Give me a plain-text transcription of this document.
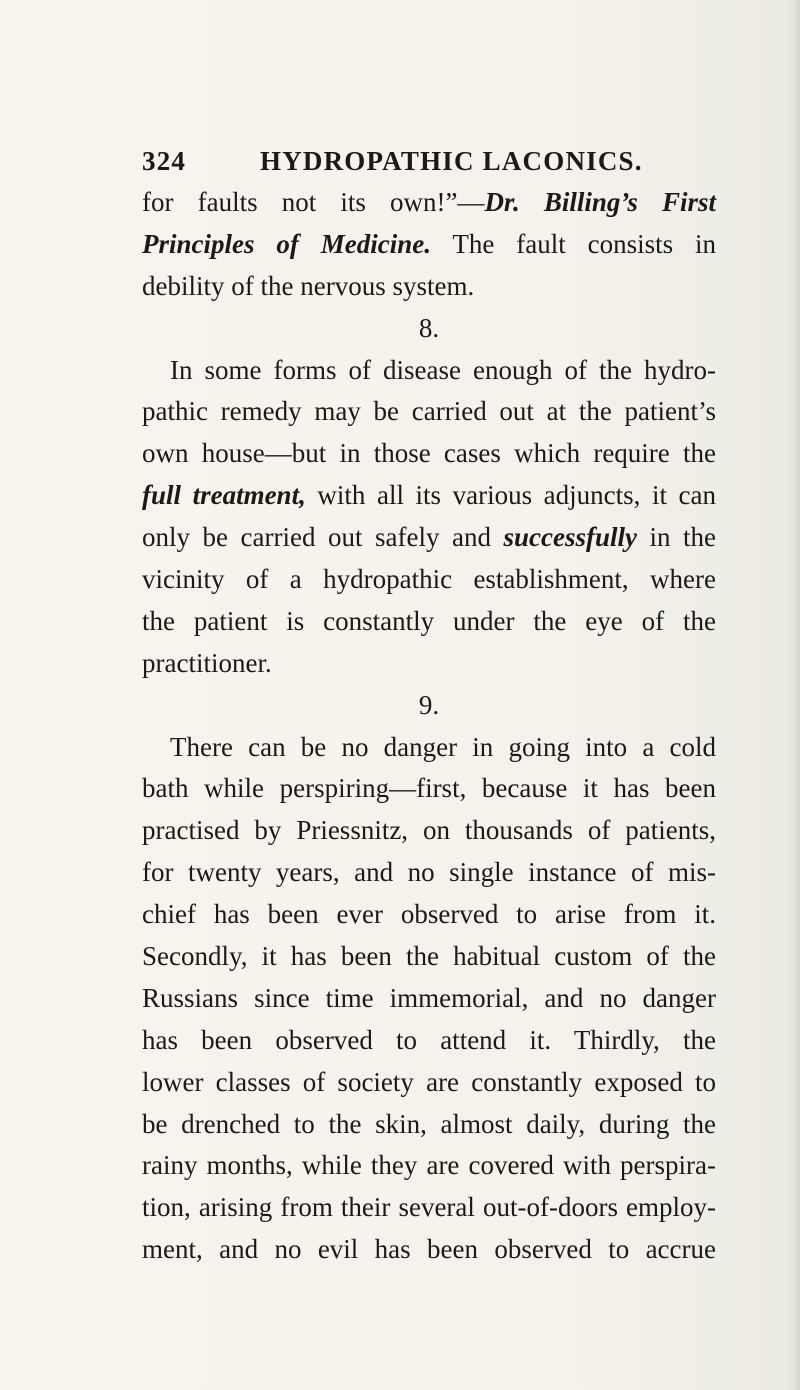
324	HYDROPATHIC LACONICS.
for faults not its own!”—Dr. Billing’s First
Principles of Medicine. The fault consists in
debility of the nervous system.
8.
In some forms of disease enough of the hydro-
pathic remedy may be carried out at the patient’s
own house—but in those cases which require the
full treatment, with all its various adjuncts, it can
only be carried out safely and successfully in the
vicinity of a hydropathic establishment, where
the patient is constantly under the eye of the
practitioner.
9.
There can be no danger in going into a cold
bath while perspiring—first, because it has been
practised by Priessnitz, on thousands of patients,
for twenty years, and no single instance of mis-
chief has been ever observed to arise from it.
Secondly, it has been the habitual custom of the
Russians since time immemorial, and no danger
has been observed to attend it. Thirdly, the
lower classes of society are constantly exposed to
be drenched to the skin, almost daily, during the
rainy months, while they are covered with perspira-
tion, arising from their several out-of-doors employ-
ment, and no evil has been observed to accrue
